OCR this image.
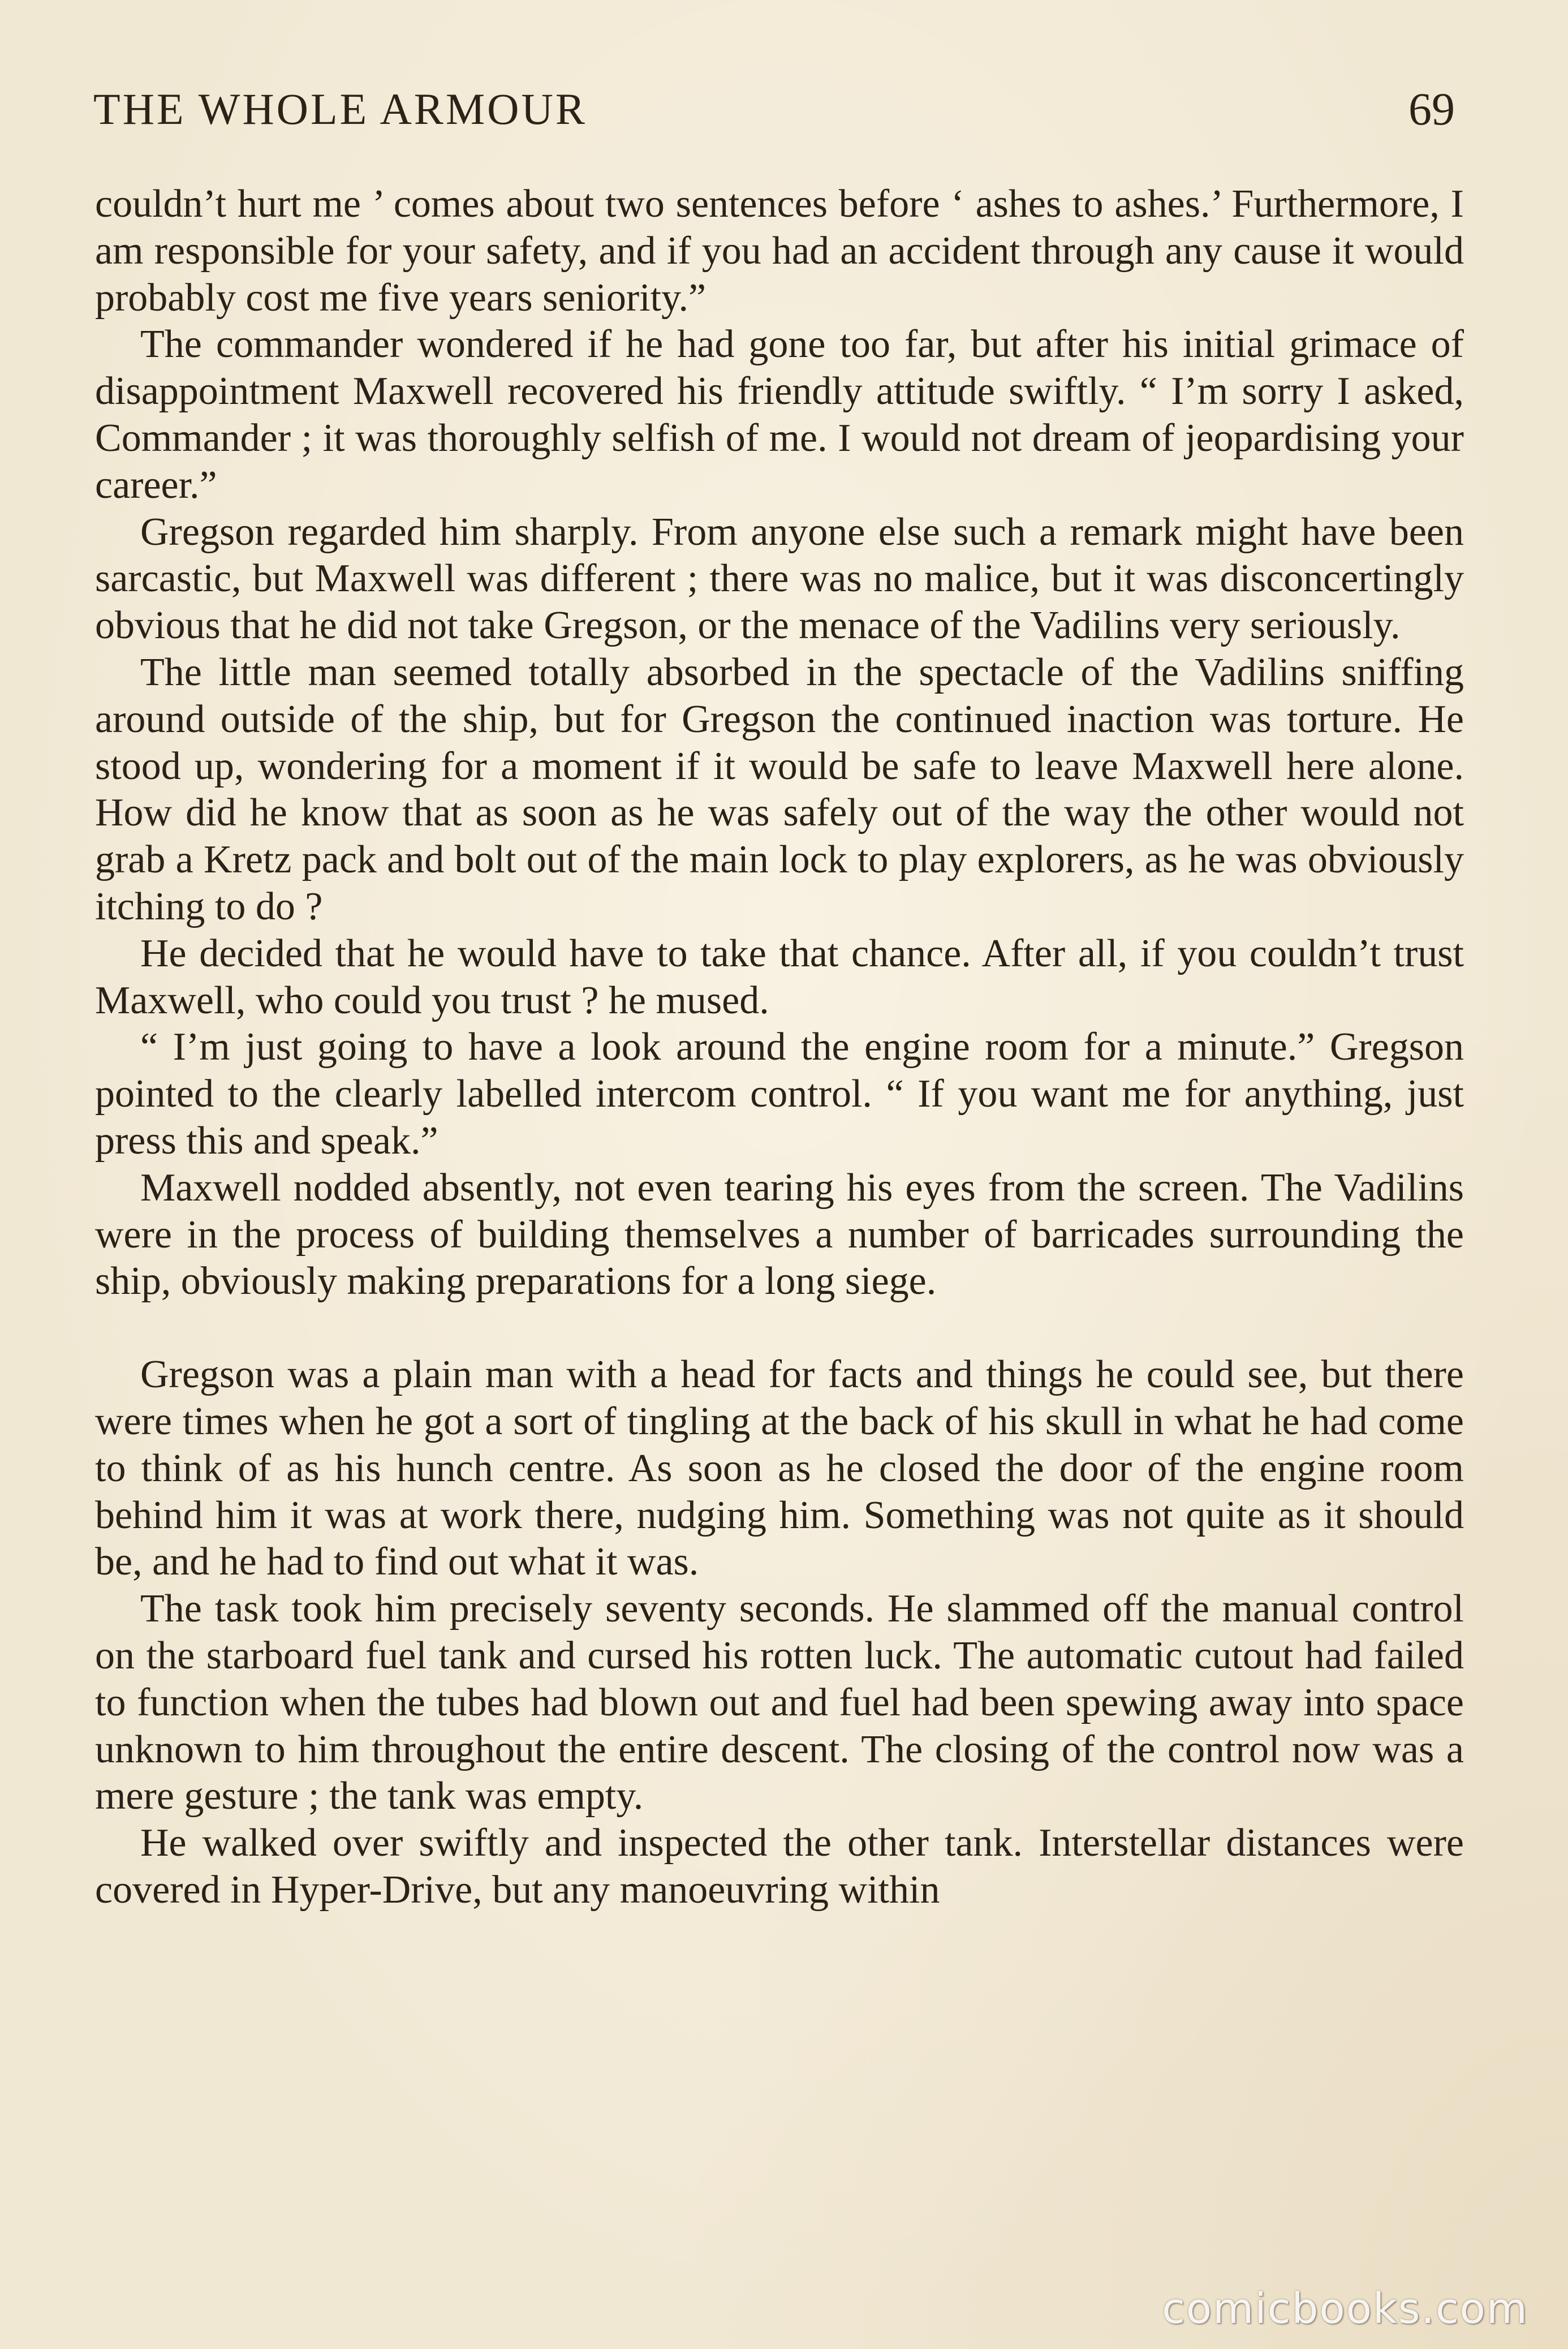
THE WHOLE ARMOUR	69

couldn’t hurt me ’ comes about two sentences before ‘ ashes to ashes.’ Furthermore, I am responsible for your safety, and if you had an accident through any cause it would probably cost me five years seniority.”

The commander wondered if he had gone too far, but after his initial grimace of disappointment Maxwell recovered his friendly attitude swiftly. “ I’m sorry I asked, Commander ; it was thoroughly selfish of me. I would not dream of jeopardising your career.”

Gregson regarded him sharply. From anyone else such a remark might have been sarcastic, but Maxwell was different ; there was no malice, but it was disconcertingly obvious that he did not take Gregson, or the menace of the Vadilins very seriously.

The little man seemed totally absorbed in the spectacle of the Vadilins sniffing around outside of the ship, but for Gregson the continued inaction was torture. He stood up, wondering for a moment if it would be safe to leave Maxwell here alone. How did he know that as soon as he was safely out of the way the other would not grab a Kretz pack and bolt out of the main lock to play explorers, as he was obviously itching to do ?

He decided that he would have to take that chance. After all, if you couldn’t trust Maxwell, who could you trust ? he mused.

“ I’m just going to have a look around the engine room for a minute.” Gregson pointed to the clearly labelled intercom control. “ If you want me for anything, just press this and speak.”

Maxwell nodded absently, not even tearing his eyes from the screen. The Vadilins were in the process of building themselves a number of barricades surrounding the ship, obviously making preparations for a long siege.

Gregson was a plain man with a head for facts and things he could see, but there were times when he got a sort of tingling at the back of his skull in what he had come to think of as his hunch centre. As soon as he closed the door of the engine room behind him it was at work there, nudging him. Something was not quite as it should be, and he had to find out what it was.

The task took him precisely seventy seconds. He slammed off the manual control on the starboard fuel tank and cursed his rotten luck. The automatic cutout had failed to function when the tubes had blown out and fuel had been spewing away into space unknown to him throughout the entire descent. The closing of the control now was a mere gesture ; the tank was empty.

He walked over swiftly and inspected the other tank. Interstellar distances were covered in Hyper-Drive, but any manoeuvring within

comicbooks.com
